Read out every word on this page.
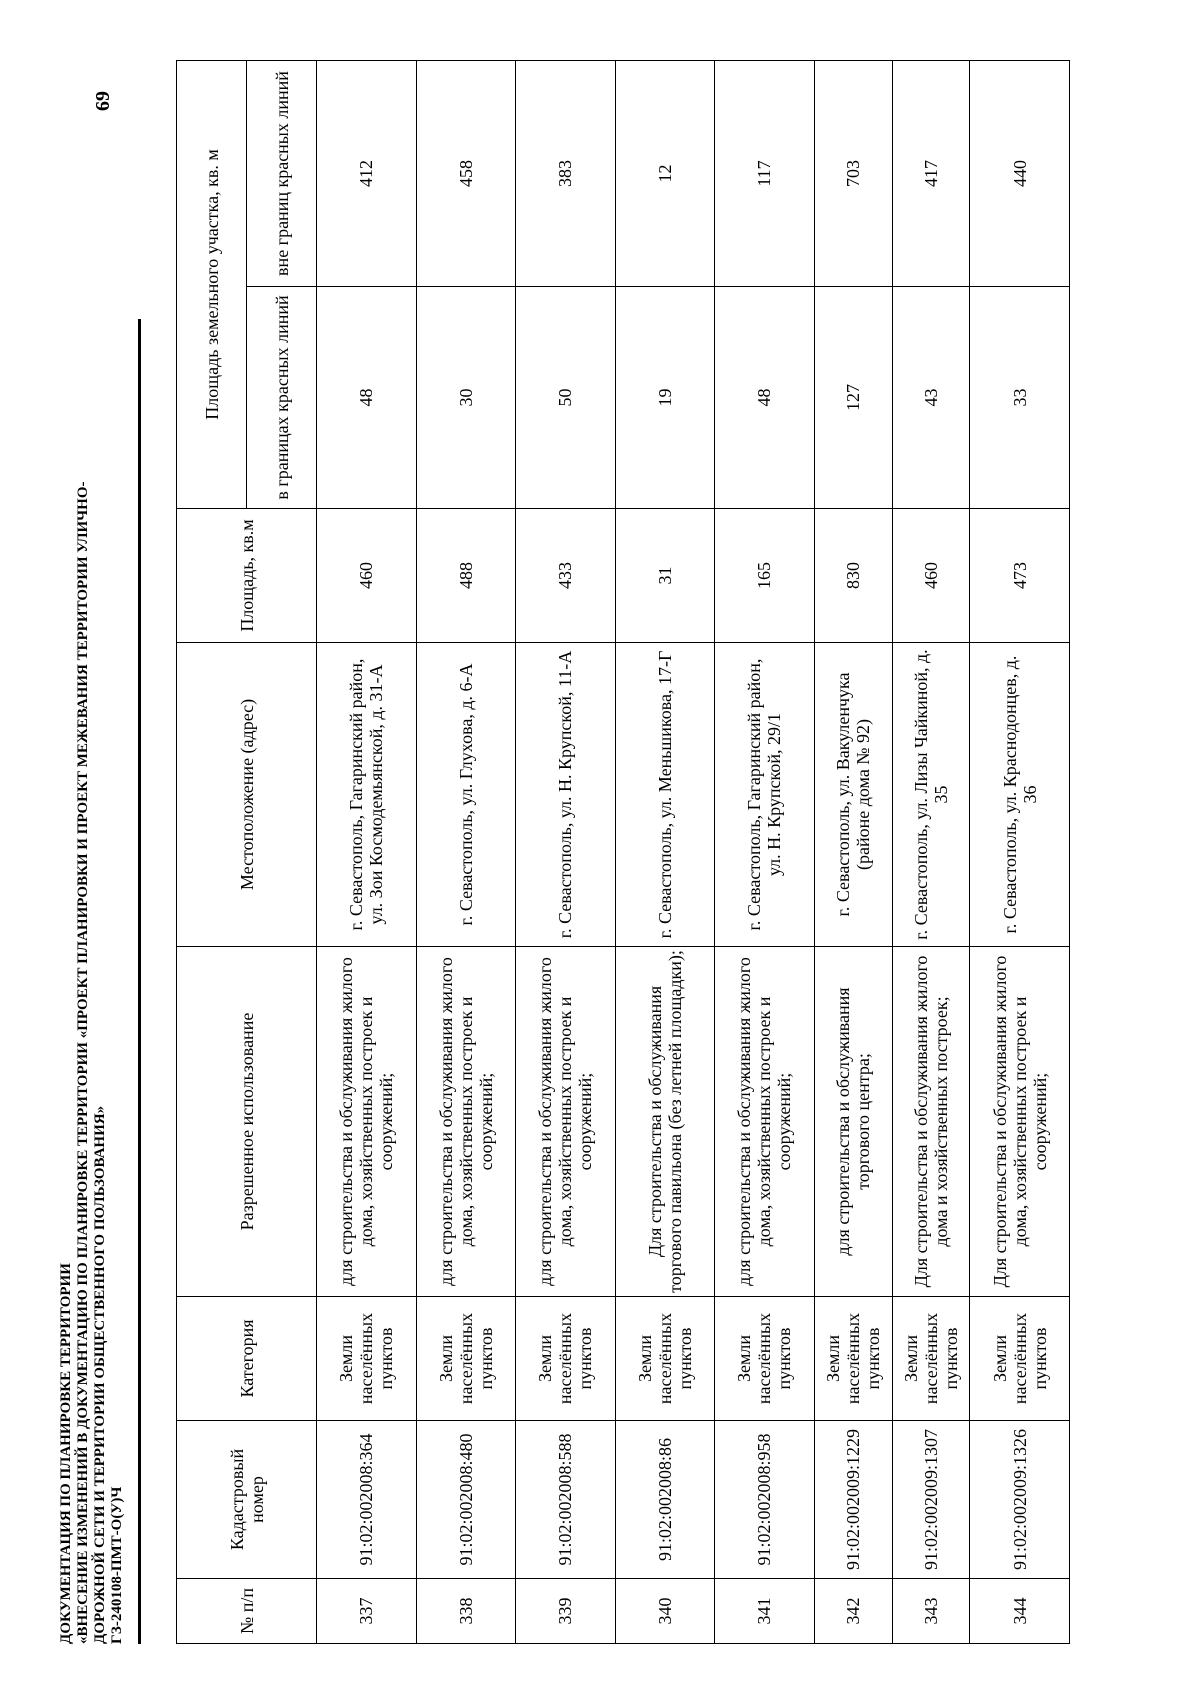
ДОКУМЕНТАЦИЯ ПО ПЛАНИРОВКЕ ТЕРРИТОРИИ «ВНЕСЕНИЕ ИЗМЕНЕНИЙ В ДОКУМЕНТАЦИЮ ПО ПЛАНИРОВКЕ ТЕРРИТОРИИ «ПРОЕКТ ПЛАНИРОВКИ И ПРОЕКТ МЕЖЕВАНИЯ ТЕРРИТОРИИ УЛИЧНО- ДОРОЖНОЙ СЕТИ И ТЕРРИТОРИИ ОБЩЕСТВЕННОГО ПОЛЬЗОВАНИЯ» ГЗ-240108-ПМТ-О(У)Ч
69
№ п/п	Кадастровый номер	Категория	Разрешенное использование	Местоположение (адрес)	Площадь, кв.м	Площадь земельного участка, кв. м	
						в границах красных линий	вне границ красных линий
337	91:02:002008:364	Земли населённых пунктов	для строительства и обслуживания жилого дома, хозяйственных построек и сооружений;	г. Севастополь, Гагаринский район, ул. Зои Космодемьянской, д. 31-А	460	48	412
338	91:02:002008:480	Земли населённых пунктов	для строительства и обслуживания жилого дома, хозяйственных построек и сооружений;	г. Севастополь, ул. Глухова, д. 6-А	488	30	458
339	91:02:002008:588	Земли населённых пунктов	для строительства и обслуживания жилого дома, хозяйственных построек и сооружений;	г. Севастополь, ул. Н. Крупской, 11-А	433	50	383
340	91:02:002008:86	Земли населённых пунктов	Для строительства и обслуживания торгового павильона (без летней площадки);	г. Севастополь, ул. Меньшикова, 17-Г	31	19	12
341	91:02:002008:958	Земли населённых пунктов	для строительства и обслуживания жилого дома, хозяйственных построек и сооружений;	г. Севастополь, Гагаринский район, ул. Н. Крупской, 29/1	165	48	117
342	91:02:002009:1229	Земли населённых пунктов	для строительства и обслуживания торгового центра;	г. Севастополь, ул. Вакуленчука (районе дома № 92)	830	127	703
343	91:02:002009:1307	Земли населённых пунктов	Для строительства и обслуживания жилого дома и хозяйственных построек;	г. Севастополь, ул. Лизы Чайкиной, д. 35	460	43	417
344	91:02:002009:1326	Земли населённых пунктов	Для строительства и обслуживания жилого дома, хозяйственных построек и сооружений;	г. Севастополь, ул. Краснодонцев, д. 36	473	33	440
